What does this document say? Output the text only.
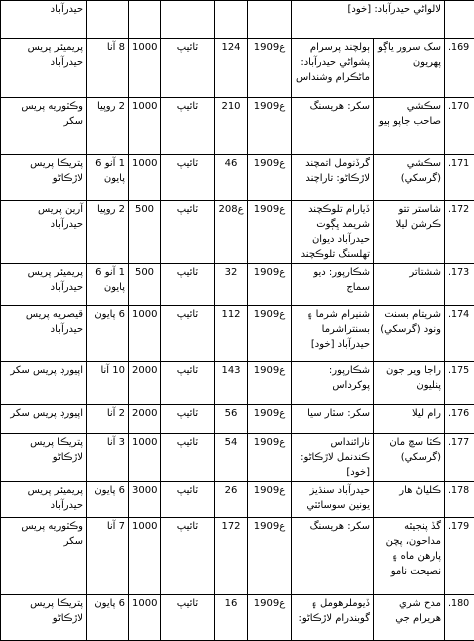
حيدرآباد						لالواڻي حيدرآباد: [خود]		
پريميئر پريس حيدرآباد	8 آنا	1000	ٽائيپ	124	1909ع	ٻولچند پرسرام پشواڻي حيدرآباد: ماڻڪرام وشنداس	سک سرور ياڳو پهريون	.169
وڪٽوريه پريس سکر	2 روپيا	1000	ٽائيپ	210	1909ع	سکر: هريسنگ	سڪشي صاحب جاپو ٻيو	.170
پتريڪا پريس لاڙڪاڻو	1 آنو 6 پايون	1000	ٽائيپ	46	1909ع	گرڏنومل اتمچند لاڙڪاڻو: تاراچند	سڪشي (گرسکي)	.171
آرين پريس حيدرآباد	2 روپيا	500	ٽائيپ	208ع	1909ع	ڏيارام تلوڪچند شريمد ڀڳوت حيدرآباد ديوان تهلسنگ تلوڪچند	شاستر تتو ڪرشن ليلا	.172
پريميئر پريس حيدرآباد	1 آنو 6 پايون	500	ٽائيپ	32	1909ع	شڪارپور: ديو سماج	ششتاتر	.173
قيصريه پريس حيدرآباد	6 پايون	1000	ٽائيپ	112	1909ع	شنيرام شرما ۽ بسنتراشرما حيدرآباد [خود]	شريتام بسنت ونود (گرسکي)	.174
اپيورڊ پريس سکر	10 آنا	2000	ٽائيپ	143	1909ع	شڪارپور: پوکرداس	راجا وير جون پنليون	.175
اپيورڊ پريس سکر	2 آنا	2000	ٽائيپ	56	1909ع	سکر: سٽار سيا	رام ليلا	.176
پتريڪا پريس لاڙڪاڻو	3 آنا	1000	ٽائيپ	54	1909ع	نارائنداس ڪندنمل لاڙڪاڻو: [خود]	ڪٽا سچ مان (گرسکي)	.177
پريميئر پريس حيدرآباد	6 پايون	3000	ٽائيپ	26	1909ع	حيدرآباد سنڌيز يونين سوسائٽي	ڪلياڻ هار	.178
وڪٽوريه پريس سکر	7 آنا	1000	ٽائيپ	172	1909ع	سکر: هريسنگ	گڏ پنجيٿه مداحون، پچن پارهن ماه ۽ نصيحت نامو	.179
پتريڪا پريس لاڙڪاڻو	6 پايون	1000	ٽائيپ	16	1909ع	ڏيوملرهومل ۽ گوبندرام لاڙڪاڻو:	مدح شري هريرام جي	.180
